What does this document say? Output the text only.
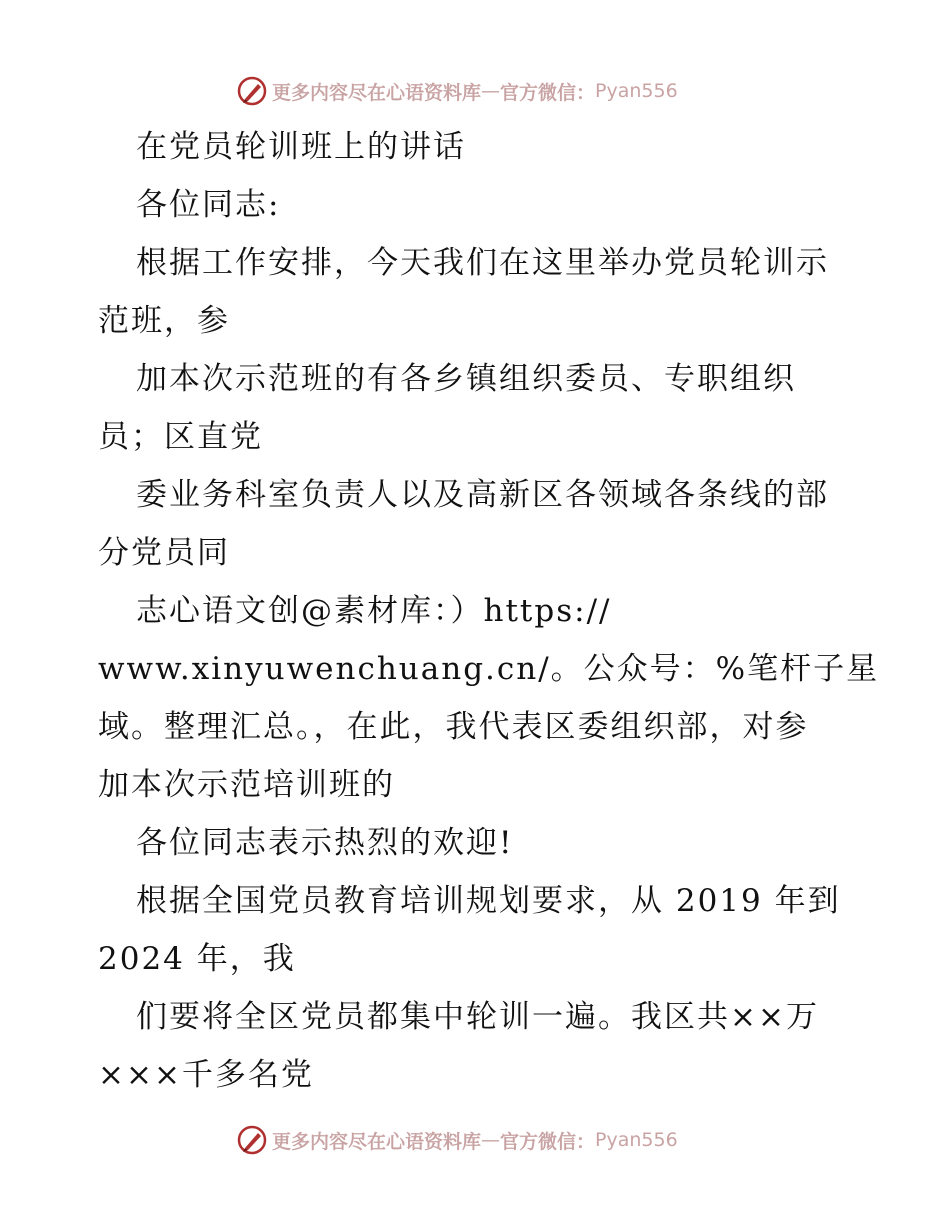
更多内容尽在心语资料库 — 官方微信： Pyan556
在党员轮训班上的讲话
各位同志:
根据工作安排，今天我们在这里举办党员轮训示
范班，参
加本次示范班的有各乡镇组织委员、专职组织
员；区直党
委业务科室负责人以及高新区各领域各条线的部
分党员同
志心语文创@素材库：）https://
www.xinyuwenchuang.cn/。公众号：%笔杆子星
域。整理汇总。，在此，我代表区委组织部，对参
加本次示范培训班的
各位同志表示热烈的欢迎!
根据全国党员教育培训规划要求，从 2019 年到
2024 年，我
们要将全区党员都集中轮训一遍。我区共××万
×××千多名党
更多内容尽在心语资料库 — 官方微信： Pyan556
